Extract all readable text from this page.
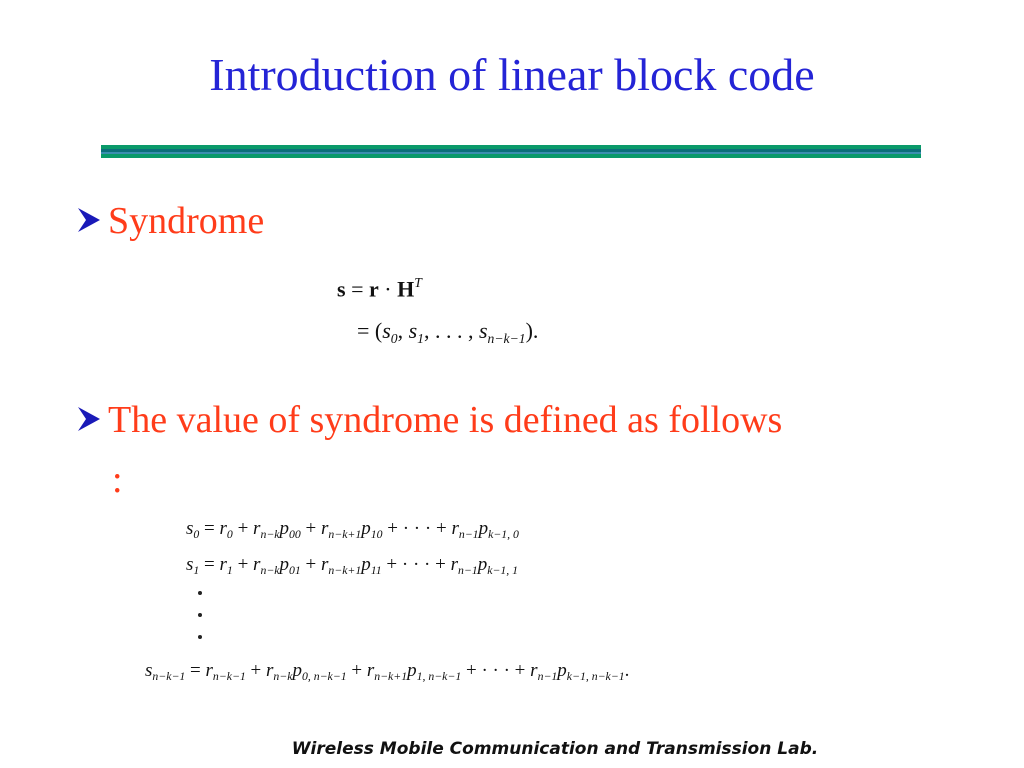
Introduction of linear block code
Syndrome
$s = r \cdot H^T$
= ($s_0$, $s_1$, . . . , $s_{n-k-1}$).
The value of syndrome is defined as follows
:
$s_0 = r_0 + r_{n-k}p_{00} + r_{n-k+1}p_{10}$ + · · · + $r_{n-1}p_{k-1, 0}$
$s_1 = r_1 + r_{n-k}p_{01} + r_{n-k+1}p_{11}$ + · · · + $r_{n-1}p_{k-1, 1}$
$s_{n-k-1} = r_{n-k-1} + r_{n-k}p_{0, n-k-1} + r_{n-k+1}p_{1, n-k-1}$ + · · · + $r_{n-1}p_{k-1, n-k-1}$.
Wireless Mobile Communication and Transmission Lab.
